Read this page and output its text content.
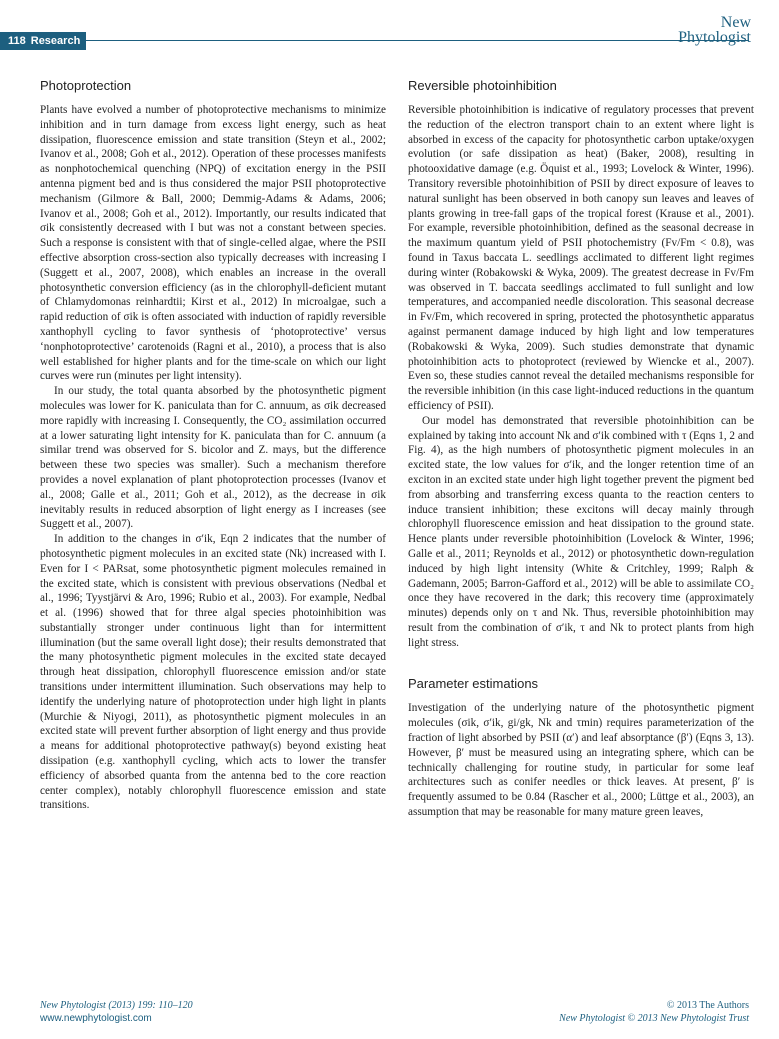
118 Research
New
Phytologist
Photoprotection

Plants have evolved a number of photoprotective mechanisms to minimize inhibition and in turn damage from excess light energy, such as heat dissipation, fluorescence emission and state transition (Steyn et al., 2002; Ivanov et al., 2008; Goh et al., 2012). Operation of these processes manifests as nonphotochemical quenching (NPQ) of excitation energy in the PSII antenna pigment bed and is thus considered the major PSII photoprotective mechanism (Gilmore & Ball, 2000; Demmig-Adams & Adams, 2006; Ivanov et al., 2008; Goh et al., 2012). Importantly, our results indicated that σik consistently decreased with I but was not a constant between species. Such a response is consistent with that of single-celled algae, where the PSII effective absorption cross-section also typically decreases with increasing I (Suggett et al., 2007, 2008), which enables an increase in the overall photosynthetic conversion efficiency (as in the chlorophyll-deficient mutant of Chlamydomonas reinhardtii; Kirst et al., 2012) In microalgae, such a rapid reduction of σik is often associated with induction of rapidly reversible xanthophyll cycling to favor synthesis of ‘photoprotective’ versus ‘nonphotoprotective’ carotenoids (Ragni et al., 2010), a process that is also well established for higher plants and for the time-scale on which our light curves were run (minutes per light intensity).

In our study, the total quanta absorbed by the photosynthetic pigment molecules was lower for K. paniculata than for C. annuum, as σik decreased more rapidly with increasing I. Consequently, the CO₂ assimilation occurred at a lower saturating light intensity for K. paniculata than for C. annuum (a similar trend was observed for S. bicolor and Z. mays, but the difference between these two species was smaller). Such a mechanism therefore provides a novel explanation of plant photoprotection processes (Ivanov et al., 2008; Galle et al., 2011; Goh et al., 2012), as the decrease in σik inevitably results in reduced absorption of light energy as I increases (see Suggett et al., 2007).

In addition to the changes in σ′ik, Eqn 2 indicates that the number of photosynthetic pigment molecules in an excited state (Nk) increased with I. Even for I < PARsat, some photosynthetic pigment molecules remained in the excited state, which is consistent with previous observations (Nedbal et al., 1996; Tyystjärvi & Aro, 1996; Rubio et al., 2003). For example, Nedbal et al. (1996) showed that for three algal species photoinhibition was substantially stronger under continuous light than for intermittent illumination (but the same overall light dose); their results demonstrated that the many photosynthetic pigment molecules in the excited state decayed through heat dissipation, chlorophyll fluorescence emission and/or state transitions under intermittent illumination. Such observations may help to identify the underlying nature of photoprotection under high light in plants (Murchie & Niyogi, 2011), as photosynthetic pigment molecules in an excited state will prevent further absorption of light energy and thus provide a means for additional photoprotective pathway(s) beyond existing heat dissipation (e.g. xanthophyll cycling, which acts to lower the transfer efficiency of absorbed quanta from the antenna bed to the core reaction center complex), notably chlorophyll fluorescence emission and state transitions.

Reversible photoinhibition

Reversible photoinhibition is indicative of regulatory processes that prevent the reduction of the electron transport chain to an extent where light is absorbed in excess of the capacity for photosynthetic carbon uptake/oxygen evolution (or safe dissipation as heat) (Baker, 2008), resulting in photooxidative damage (e.g. Öquist et al., 1993; Lovelock & Winter, 1996). Transitory reversible photoinhibition of PSII by direct exposure of leaves to natural sunlight has been observed in both canopy sun leaves and leaves of plants growing in tree-fall gaps of the tropical forest (Krause et al., 2001). For example, reversible photoinhibition, defined as the seasonal decrease in the maximum quantum yield of PSII photochemistry (Fv/Fm < 0.8), was found in Taxus baccata L. seedlings acclimated to different light regimes during winter (Robakowski & Wyka, 2009). The greatest decrease in Fv/Fm was observed in T. baccata seedlings acclimated to full sunlight and low temperatures, and accompanied needle discoloration. This seasonal decrease in Fv/Fm, which recovered in spring, protected the photosynthetic apparatus against permanent damage induced by high light and low temperatures (Robakowski & Wyka, 2009). Such studies demonstrate that dynamic photoinhibition acts to photoprotect (reviewed by Wiencke et al., 2007). Even so, these studies cannot reveal the detailed mechanisms responsible for the reversible inhibition (in this case light-induced reductions in the quantum efficiency of PSII).

Our model has demonstrated that reversible photoinhibition can be explained by taking into account Nk and σ′ik combined with τ (Eqns 1, 2 and Fig. 4), as the high numbers of photosynthetic pigment molecules in an excited state, the low values for σ′ik, and the longer retention time of an exciton in an excited state under high light together prevent the pigment bed from absorbing and transferring excess quanta to the reaction centers to induce transient inhibition; these excitons will decay mainly through chlorophyll fluorescence emission and heat dissipation to the ground state. Hence plants under reversible photoinhibition (Lovelock & Winter, 1996; Galle et al., 2011; Reynolds et al., 2012) or photosynthetic down-regulation induced by high light intensity (White & Critchley, 1999; Ralph & Gademann, 2005; Barron-Gafford et al., 2012) will be able to assimilate CO₂ once they have recovered in the dark; this recovery time (approximately minutes) depends only on τ and Nk. Thus, reversible photoinhibition may result from the combination of σ′ik, τ and Nk to protect plants from high light stress.

Parameter estimations

Investigation of the underlying nature of the photosynthetic pigment molecules (σik, σ′ik, gi/gk, Nk and τmin) requires parameterization of the fraction of light absorbed by PSII (α′) and leaf absorptance (β′) (Eqns 3, 13). However, β′ must be measured using an integrating sphere, which can be technically challenging for routine study, in particular for some leaf architectures such as conifer needles or thick leaves. At present, β′ is frequently assumed to be 0.84 (Rascher et al., 2000; Lüttge et al., 2003), an assumption that may be reasonable for many mature green leaves,

New Phytologist (2013) 199: 110–120
www.newphytologist.com
© 2013 The Authors
New Phytologist © 2013 New Phytologist Trust
